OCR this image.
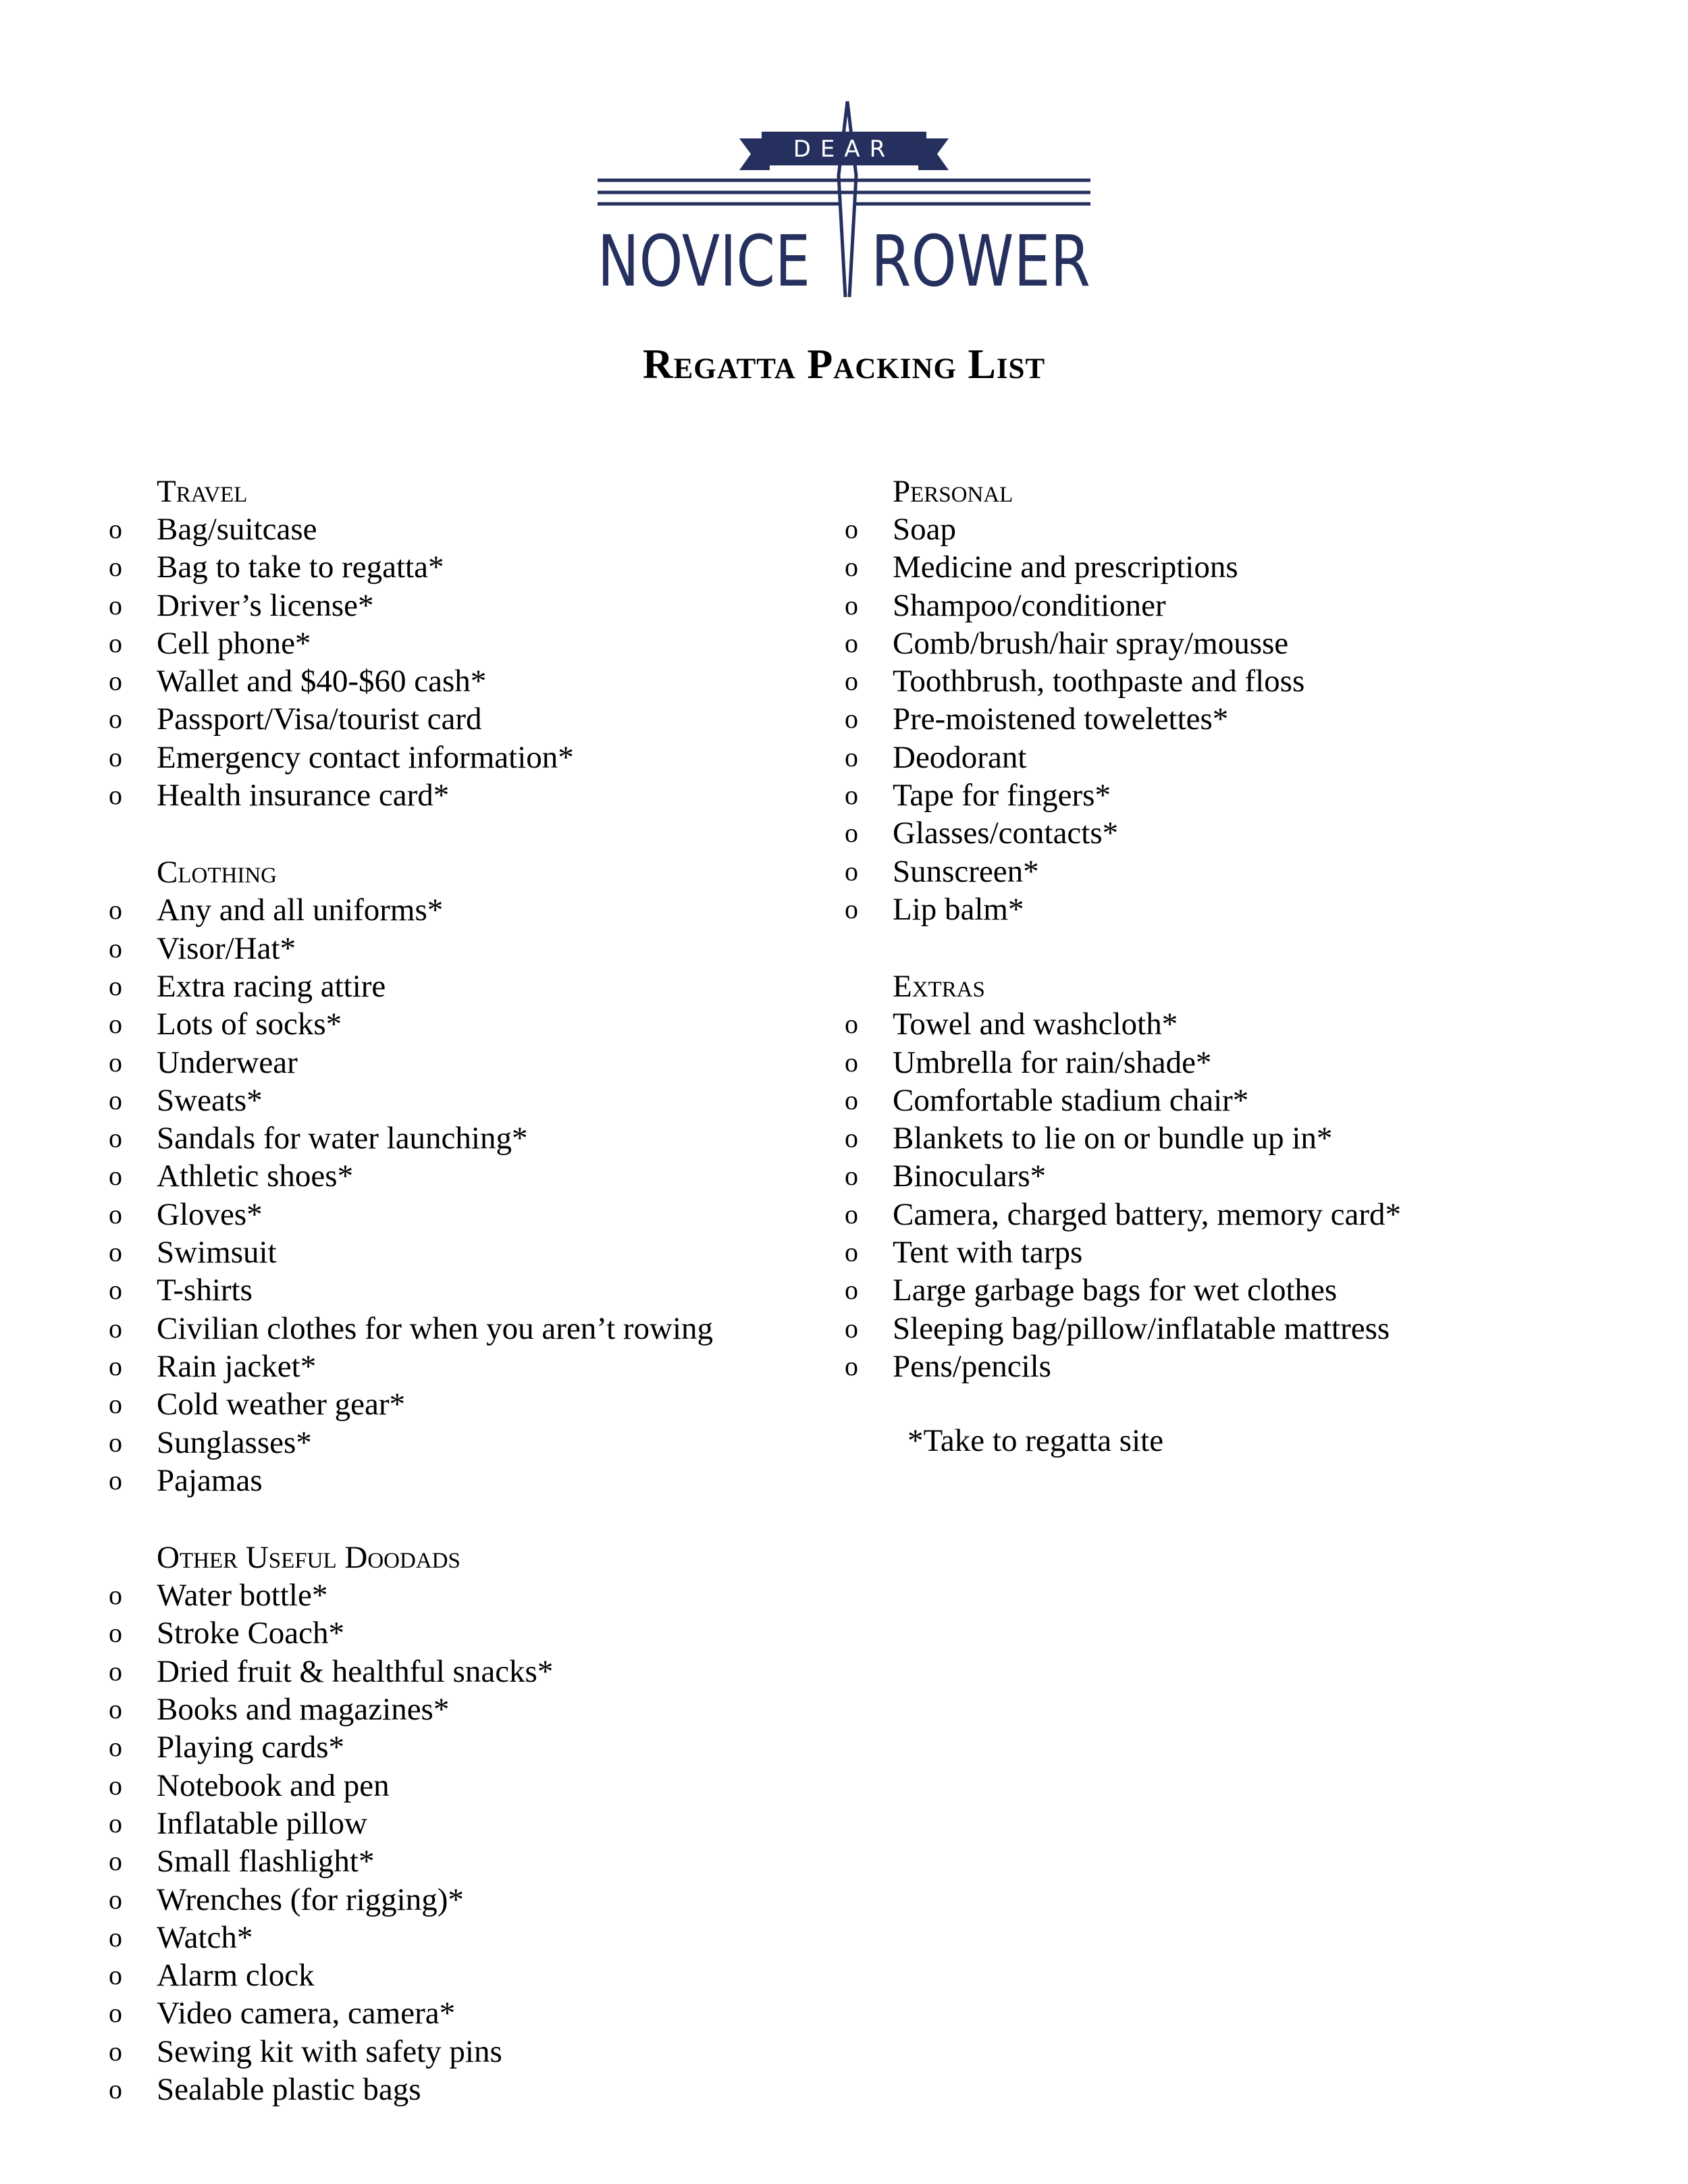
DEAR
NOVICE ROWER
Regatta Packing List
Travel
o Bag/suitcase
o Bag to take to regatta*
o Driver’s license*
o Cell phone*
o Wallet and $40-$60 cash*
o Passport/Visa/tourist card
o Emergency contact information*
o Health insurance card*
Clothing
o Any and all uniforms*
o Visor/Hat*
o Extra racing attire
o Lots of socks*
o Underwear
o Sweats*
o Sandals for water launching*
o Athletic shoes*
o Gloves*
o Swimsuit
o T-shirts
o Civilian clothes for when you aren’t rowing
o Rain jacket*
o Cold weather gear*
o Sunglasses*
o Pajamas
Other Useful Doodads
o Water bottle*
o Stroke Coach*
o Dried fruit & healthful snacks*
o Books and magazines*
o Playing cards*
o Notebook and pen
o Inflatable pillow
o Small flashlight*
o Wrenches (for rigging)*
o Watch*
o Alarm clock
o Video camera, camera*
o Sewing kit with safety pins
o Sealable plastic bags
Personal
o Soap
o Medicine and prescriptions
o Shampoo/conditioner
o Comb/brush/hair spray/mousse
o Toothbrush, toothpaste and floss
o Pre-moistened towelettes*
o Deodorant
o Tape for fingers*
o Glasses/contacts*
o Sunscreen*
o Lip balm*
Extras
o Towel and washcloth*
o Umbrella for rain/shade*
o Comfortable stadium chair*
o Blankets to lie on or bundle up in*
o Binoculars*
o Camera, charged battery, memory card*
o Tent with tarps
o Large garbage bags for wet clothes
o Sleeping bag/pillow/inflatable mattress
o Pens/pencils
*Take to regatta site
